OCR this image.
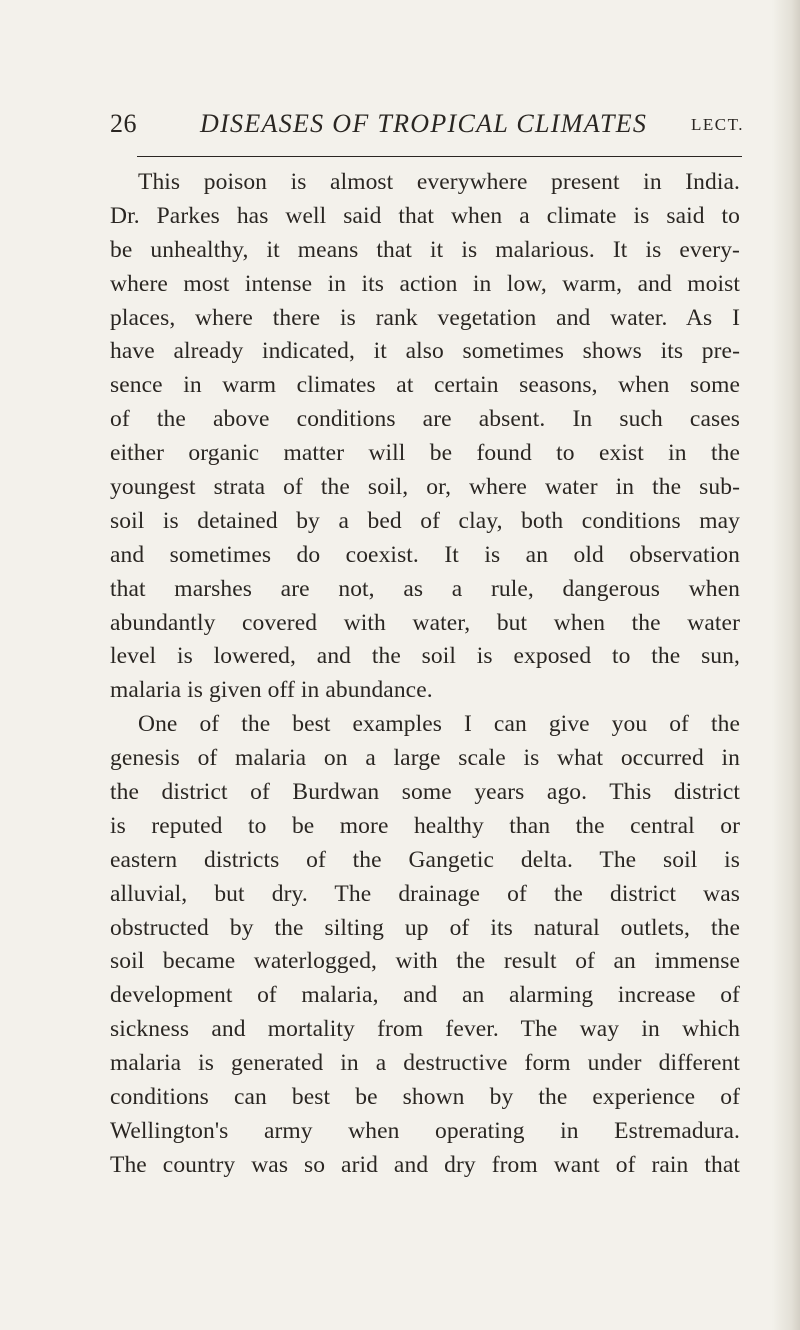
26 DISEASES OF TROPICAL CLIMATES	LECT.
This poison is almost everywhere present in India.
Dr. Parkes has well said that when a climate is said to
be unhealthy, it means that it is malarious. It is every-
where most intense in its action in low, warm, and moist
places, where there is rank vegetation and water. As I
have already indicated, it also sometimes shows its pre-
sence in warm climates at certain seasons, when some
of the above conditions are absent. In such cases
either organic matter will be found to exist in the
youngest strata of the soil, or, where water in the sub-
soil is detained by a bed of clay, both conditions may
and sometimes do coexist. It is an old observation
that marshes are not, as a rule, dangerous when
abundantly covered with water, but when the water
level is lowered, and the soil is exposed to the sun,
malaria is given off in abundance.
One of the best examples I can give you of the
genesis of malaria on a large scale is what occurred in
the district of Burdwan some years ago. This district
is reputed to be more healthy than the central or
eastern districts of the Gangetic delta. The soil is
alluvial, but dry. The drainage of the district was
obstructed by the silting up of its natural outlets, the
soil became waterlogged, with the result of an immense
development of malaria, and an alarming increase of
sickness and mortality from fever. The way in which
malaria is generated in a destructive form under different
conditions can best be shown by the experience of
Wellington's army when operating in Estremadura.
The country was so arid and dry from want of rain that
